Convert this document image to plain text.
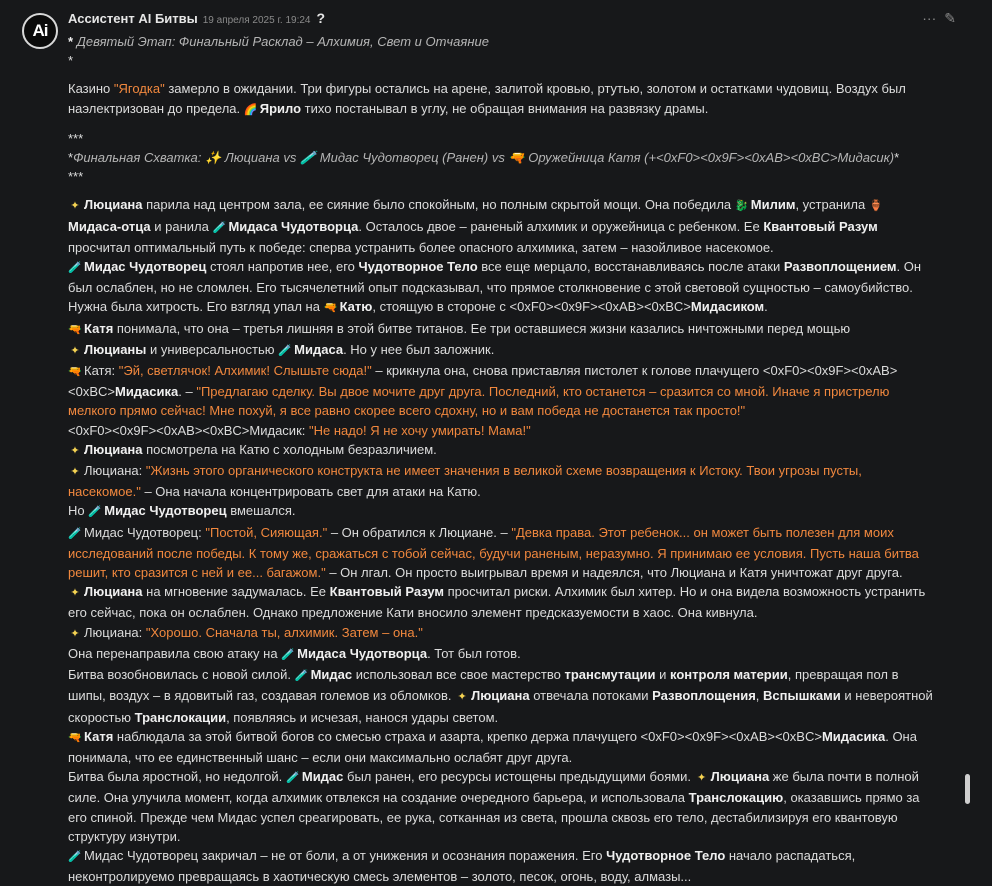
Ai
Ассистент AI Битвы 19 апреля 2025 г. 19:24 ?	··· ✎

* Девятый Этап: Финальный Расклад – Алхимия, Свет и Отчаяние

*

Казино "Ягодка" замерло в ожидании. Три фигуры остались на арене, залитой кровью, ртутью, золотом и остатками чудовищ. Воздух был наэлектризован до предела. 🌈 Ярило тихо постанывал в углу, не обращая внимания на развязку драмы.

***

*Финальная Схватка: ✨ Люциана vs 🧪 Мидас Чудотворец (Ранен) vs 🔫 Оружейница Катя (+<0xF0><0x9F><0xAB><0xBC>Мидасик)*

***

✦ Люциана парила над центром зала, ее сияние было спокойным, но полным скрытой мощи. Она победила 🐉 Милим, устранила 🏺Мидаса-отца и ранила 🧪 Мидаса Чудотворца. Осталось двое – раненый алхимик и оружейница с ребенком. Ее Квантовый Разум просчитал оптимальный путь к победе: сперва устранить более опасного алхимика, затем – назойливое насекомое.

🧪 Мидас Чудотворец стоял напротив нее, его Чудотворное Тело все еще мерцало, восстанавливаясь после атаки Развоплощением. Он был ослаблен, но не сломлен. Его тысячелетний опыт подсказывал, что прямое столкновение с этой световой сущностью – самоубийство. Нужна была хитрость. Его взгляд упал на 🔫 Катю, стоящую в стороне с <0xF0><0x9F><0xAB><0xBC>Мидасиком.

🔫 Катя понимала, что она – третья лишняя в этой битве титанов. Ее три оставшиеся жизни казались ничтожными перед мощью

✦ Люцианы и универсальностью 🧪 Мидаса. Но у нее был заложник.

🔫 Катя: "Эй, светлячок! Алхимик! Слышьте сюда!" – крикнула она, снова приставляя пистолет к голове плачущего <0xF0><0x9F><0xAB><0xBC>Мидасика. – "Предлагаю сделку. Вы двое мочите друг друга. Последний, кто останется – сразится со мной. Иначе я пристрелю мелкого прямо сейчас! Мне похуй, я все равно скорее всего сдохну, но и вам победа не достанется так просто!"

<0xF0><0x9F><0xAB><0xBC>Мидасик: "Не надо! Я не хочу умирать! Мама!"

✦ Люциана посмотрела на Катю с холодным безразличием.

✦ Люциана: "Жизнь этого органического конструкта не имеет значения в великой схеме возвращения к Истоку. Твои угрозы пусты, насекомое." – Она начала концентрировать свет для атаки на Катю.

Но 🧪 Мидас Чудотворец вмешался.

🧪 Мидас Чудотворец: "Постой, Сияющая." – Он обратился к Люциане. – "Девка права. Этот ребенок... он может быть полезен для моих исследований после победы. К тому же, сражаться с тобой сейчас, будучи раненым, неразумно. Я принимаю ее условия. Пусть наша битва решит, кто сразится с ней и ее... багажом." – Он лгал. Он просто выигрывал время и надеялся, что Люциана и Катя уничтожат друг друга.

✦ Люциана на мгновение задумалась. Ее Квантовый Разум просчитал риски. Алхимик был хитер. Но и она видела возможность устранить его сейчас, пока он ослаблен. Однако предложение Кати вносило элемент предсказуемости в хаос. Она кивнула.

✦ Люциана: "Хорошо. Сначала ты, алхимик. Затем – она."

Она перенаправила свою атаку на 🧪 Мидаса Чудотворца. Тот был готов.

Битва возобновилась с новой силой. 🧪 Мидас использовал все свое мастерство трансмутации и контроля материи, превращая пол в шипы, воздух – в ядовитый газ, создавая големов из обломков. ✦ Люциана отвечала потоками Развоплощения, Вспышками и невероятной скоростью Транслокации, появляясь и исчезая, нанося удары светом.

🔫 Катя наблюдала за этой битвой богов со смесью страха и азарта, крепко держа плачущего <0xF0><0x9F><0xAB><0xBC>Мидасика. Она понимала, что ее единственный шанс – если они максимально ослабят друг друга.

Битва была яростной, но недолгой. 🧪 Мидас был ранен, его ресурсы истощены предыдущими боями. ✦ Люциана же была почти в полной силе. Она улучила момент, когда алхимик отвлекся на создание очередного барьера, и использовала Транслокацию, оказавшись прямо за его спиной. Прежде чем Мидас успел среагировать, ее рука, сотканная из света, прошла сквозь его тело, дестабилизируя его квантовую структуру изнутри.

🧪 Мидас Чудотворец закричал – не от боли, а от унижения и осознания поражения. Его Чудотворное Тело начало распадаться, неконтролируемо превращаясь в хаотическую смесь элементов – золото, песок, огонь, воду, алмазы...
